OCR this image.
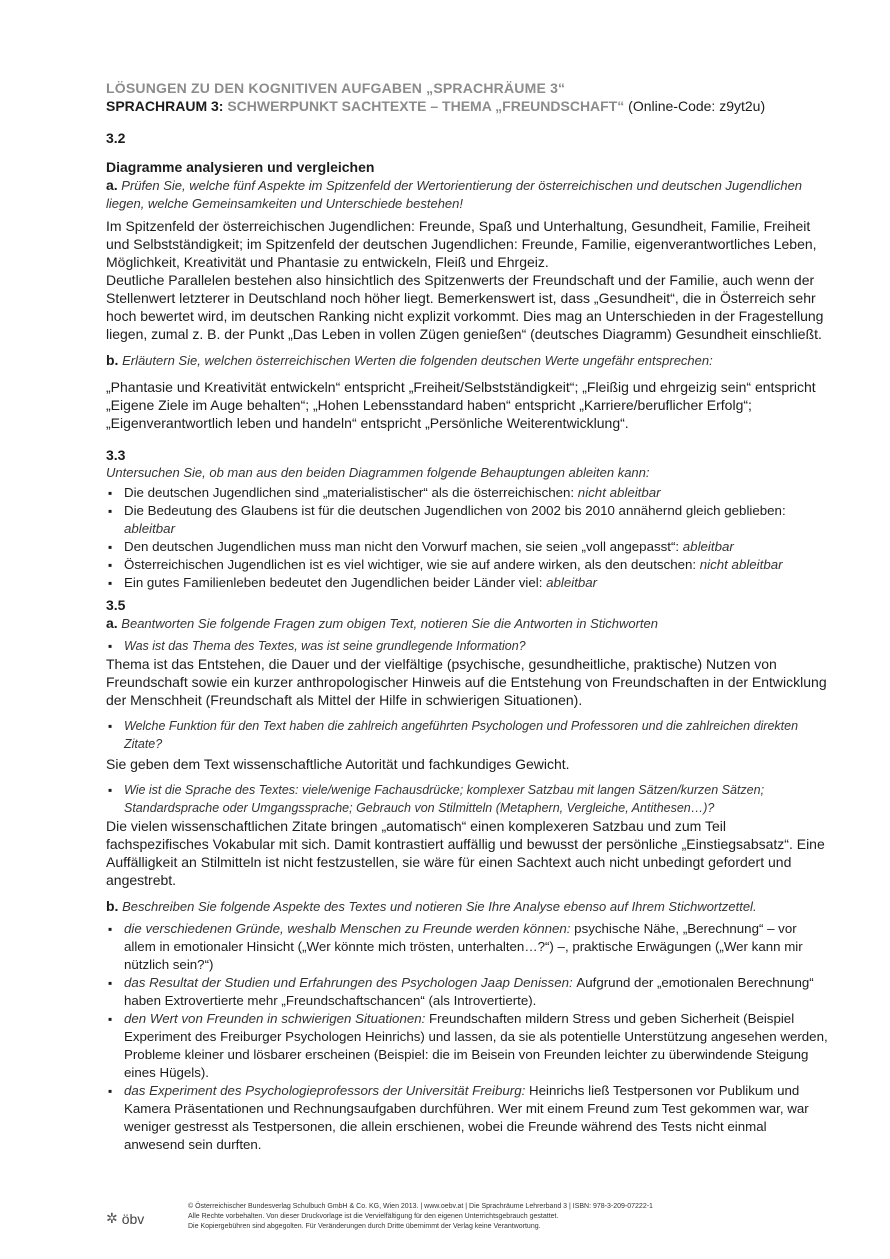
LÖSUNGEN ZU DEN KOGNITIVEN AUFGABEN „SPRACHRÄUME 3“
SPRACHRAUM 3: SCHWERPUNKT SACHTEXTE – THEMA „FREUNDSCHAFT“ (Online-Code: z9yt2u)
3.2
Diagramme analysieren und vergleichen
a. Prüfen Sie, welche fünf Aspekte im Spitzenfeld der Wertorientierung der österreichischen und deutschen Jugendlichen liegen, welche Gemeinsamkeiten und Unterschiede bestehen!
Im Spitzenfeld der österreichischen Jugendlichen: Freunde, Spaß und Unterhaltung, Gesundheit, Familie, Freiheit und Selbstständigkeit; im Spitzenfeld der deutschen Jugendlichen: Freunde, Familie, eigenverantwortliches Leben, Möglichkeit, Kreativität und Phantasie zu entwickeln, Fleiß und Ehrgeiz.
Deutliche Parallelen bestehen also hinsichtlich des Spitzenwerts der Freundschaft und der Familie, auch wenn der Stellenwert letzterer in Deutschland noch höher liegt. Bemerkenswert ist, dass „Gesundheit“, die in Österreich sehr hoch bewertet wird, im deutschen Ranking nicht explizit vorkommt. Dies mag an Unterschieden in der Fragestellung liegen, zumal z. B. der Punkt „Das Leben in vollen Zügen genießen“ (deutsches Diagramm) Gesundheit einschließt.
b. Erläutern Sie, welchen österreichischen Werten die folgenden deutschen Werte ungefähr entsprechen:
„Phantasie und Kreativität entwickeln“ entspricht „Freiheit/Selbstständigkeit“; „Fleißig und ehrgeizig sein“ entspricht „Eigene Ziele im Auge behalten“; „Hohen Lebensstandard haben“ entspricht „Karriere/beruflicher Erfolg“; „Eigenverantwortlich leben und handeln“ entspricht „Persönliche Weiterentwicklung“.
3.3
Untersuchen Sie, ob man aus den beiden Diagrammen folgende Behauptungen ableiten kann:
▪ Die deutschen Jugendlichen sind „materialistischer“ als die österreichischen: nicht ableitbar
▪ Die Bedeutung des Glaubens ist für die deutschen Jugendlichen von 2002 bis 2010 annähernd gleich geblieben: ableitbar
▪ Den deutschen Jugendlichen muss man nicht den Vorwurf machen, sie seien „voll angepasst“: ableitbar
▪ Österreichischen Jugendlichen ist es viel wichtiger, wie sie auf andere wirken, als den deutschen: nicht ableitbar
▪ Ein gutes Familienleben bedeutet den Jugendlichen beider Länder viel: ableitbar
3.5
a. Beantworten Sie folgende Fragen zum obigen Text, notieren Sie die Antworten in Stichworten
▪ Was ist das Thema des Textes, was ist seine grundlegende Information?
Thema ist das Entstehen, die Dauer und der vielfältige (psychische, gesundheitliche, praktische) Nutzen von Freundschaft sowie ein kurzer anthropologischer Hinweis auf die Entstehung von Freundschaften in der Entwicklung der Menschheit (Freundschaft als Mittel der Hilfe in schwierigen Situationen).
▪ Welche Funktion für den Text haben die zahlreich angeführten Psychologen und Professoren und die zahlreichen direkten Zitate?
Sie geben dem Text wissenschaftliche Autorität und fachkundiges Gewicht.
▪ Wie ist die Sprache des Textes: viele/wenige Fachausdrücke; komplexer Satzbau mit langen Sätzen/kurzen Sätzen; Standardsprache oder Umgangssprache; Gebrauch von Stilmitteln (Metaphern, Vergleiche, Antithesen…)?
Die vielen wissenschaftlichen Zitate bringen „automatisch“ einen komplexeren Satzbau und zum Teil fachspezifisches Vokabular mit sich. Damit kontrastiert auffällig und bewusst der persönliche „Einstiegsabsatz“. Eine Auffälligkeit an Stilmitteln ist nicht festzustellen, sie wäre für einen Sachtext auch nicht unbedingt gefordert und angestrebt.
b. Beschreiben Sie folgende Aspekte des Textes und notieren Sie Ihre Analyse ebenso auf Ihrem Stichwortzettel.
▪ die verschiedenen Gründe, weshalb Menschen zu Freunde werden können: psychische Nähe, „Berechnung“ – vor allem in emotionaler Hinsicht („Wer könnte mich trösten, unterhalten…?“) –, praktische Erwägungen („Wer kann mir nützlich sein?“)
▪ das Resultat der Studien und Erfahrungen des Psychologen Jaap Denissen: Aufgrund der „emotionalen Berechnung“ haben Extrovertierte mehr „Freundschaftschancen“ (als Introvertierte).
▪ den Wert von Freunden in schwierigen Situationen: Freundschaften mildern Stress und geben Sicherheit (Beispiel Experiment des Freiburger Psychologen Heinrichs) und lassen, da sie als potentielle Unterstützung angesehen werden, Probleme kleiner und lösbarer erscheinen (Beispiel: die im Beisein von Freunden leichter zu überwindende Steigung eines Hügels).
▪ das Experiment des Psychologieprofessors der Universität Freiburg: Heinrichs ließ Testpersonen vor Publikum und Kamera Präsentationen und Rechnungsaufgaben durchführen. Wer mit einem Freund zum Test gekommen war, war weniger gestresst als Testpersonen, die allein erschienen, wobei die Freunde während des Tests nicht einmal anwesend sein durften.
✲ öbv
© Österreichischer Bundesverlag Schulbuch GmbH & Co. KG, Wien 2013. | www.oebv.at | Die Sprachräume Lehrerband 3 | ISBN: 978-3-209-07222-1
Alle Rechte vorbehalten. Von dieser Druckvorlage ist die Vervielfältigung für den eigenen Unterrichtsgebrauch gestattet.
Die Kopiergebühren sind abgegolten. Für Veränderungen durch Dritte übernimmt der Verlag keine Verantwortung.
